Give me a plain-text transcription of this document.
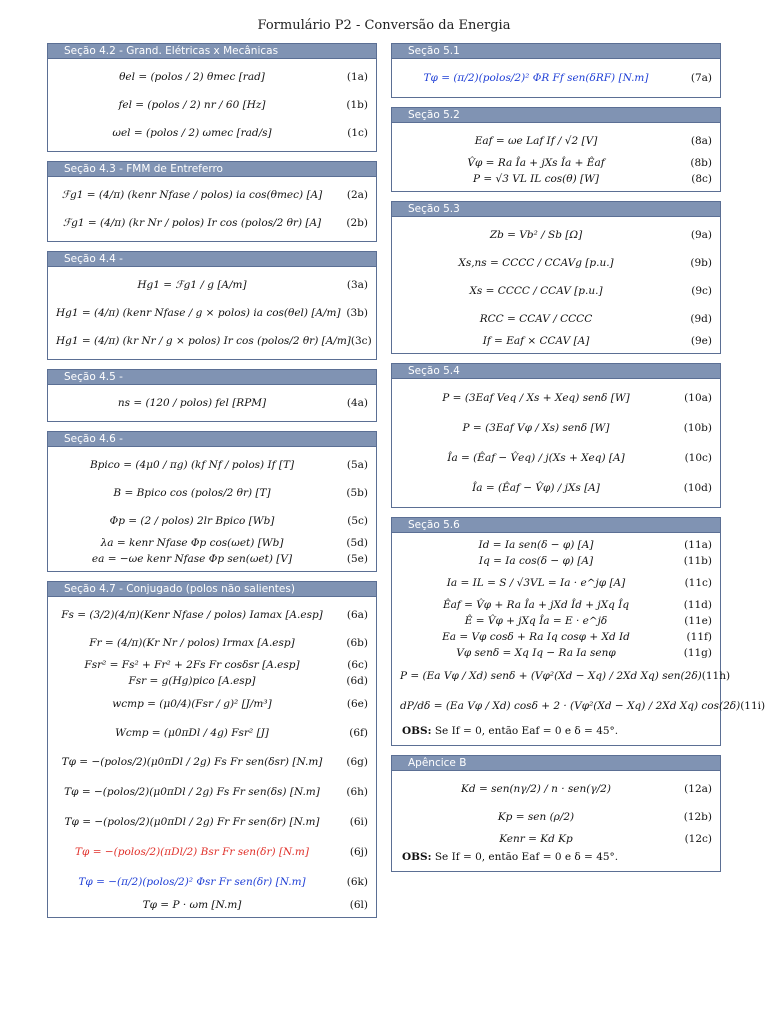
Formulário P2 - Conversão da Energia
Seção 4.2 - Grand. Elétricas x Mecânicas
θel = (polos / 2) θmec [rad]	(1a)
fel = (polos / 2) nr / 60 [Hz]	(1b)
ωel = (polos / 2) ωmec [rad/s]	(1c)
Seção 4.3 - FMM de Entreferro
ℱg1 = (4/π) (kenr Nfase / polos) ia cos(θmec) [A]	(2a)
ℱg1 = (4/π) (kr Nr / polos) Ir cos (polos/2 θr) [A]	(2b)
Seção 4.4 -
Hg1 = ℱg1 / g [A/m]	(3a)
Hg1 = (4/π) (kenr Nfase / g × polos) ia cos(θel) [A/m] (3b)
Hg1 = (4/π) (kr Nr / g × polos) Ir cos (polos/2 θr) [A/m] (3c)
Seção 4.5 -
ns = (120 / polos) fel [RPM]	(4a)
Seção 4.6 -
Bpico = (4μ0 / πg) (kf Nf / polos) If [T]	(5a)
B = Bpico cos (polos/2 θr) [T]	(5b)
Φp = (2 / polos) 2lr Bpico [Wb]	(5c)
λa = kenr Nfase Φp cos(ωet) [Wb]	(5d)
ea = −ωe kenr Nfase Φp sen(ωet) [V]	(5e)
Seção 4.7 - Conjugado (polos não salientes)
Fs = (3/2)(4/π)(Kenr Nfase / polos) Iamax [A.esp]	(6a)
Fr = (4/π)(Kr Nr / polos) Irmax [A.esp]	(6b)
Fsr² = Fs² + Fr² + 2Fs Fr cosδsr [A.esp]	(6c)
Fsr = g(Hg)pico [A.esp]	(6d)
wcmp = (μ0/4)(Fsr / g)² [J/m³]	(6e)
Wcmp = (μ0πDl / 4g) Fsr² [J]	(6f)
Tφ = −(polos/2)(μ0πDl / 2g) Fs Fr sen(δsr) [N.m]	(6g)
Tφ = −(polos/2)(μ0πDl / 2g) Fs Fr sen(δs) [N.m]	(6h)
Tφ = −(polos/2)(μ0πDl / 2g) Fr Fr sen(δr) [N.m]	(6i)
Tφ = −(polos/2)(πDl/2) Bsr Fr sen(δr) [N.m]	(6j)
Tφ = −(π/2)(polos/2)² Φsr Fr sen(δr) [N.m]	(6k)
Tφ = P · ωm [N.m]	(6l)
Seção 5.1
Tφ = (π/2)(polos/2)² ΦR Ff sen(δRF) [N.m]	(7a)
Seção 5.2
Eaf = ωe Laf If / √2 [V]	(8a)
V̂φ = Ra Îa + jXs Îa + Êaf	(8b)
P = √3 VL IL cos(θ) [W]	(8c)
Seção 5.3
Zb = Vb² / Sb [Ω]	(9a)
Xs,ns = CCCC / CCAVg [p.u.]	(9b)
Xs = CCCC / CCAV [p.u.]	(9c)
RCC = CCAV / CCCC	(9d)
If = Eaf × CCAV [A]	(9e)
Seção 5.4
P = (3Eaf Veq / Xs + Xeq) senδ [W]	(10a)
P = (3Eaf Vφ / Xs) senδ [W]	(10b)
Îa = (Êaf − V̂eq) / j(Xs + Xeq) [A]	(10c)
Îa = (Êaf − V̂φ) / jXs [A]	(10d)
Seção 5.6
Id = Ia sen(δ − φ) [A]	(11a)
Iq = Ia cos(δ − φ) [A]	(11b)
Ia = IL = S / √3VL = Ia · e^jφ [A]	(11c)
Êaf = V̂φ + Ra Îa + jXd Îd + jXq Îq	(11d)
Ê = V̂φ + jXq Îa = E · e^jδ	(11e)
Ea = Vφ cosδ + Ra Iq cosφ + Xd Id	(11f)
Vφ senδ = Xq Iq − Ra Ia senφ	(11g)
P = (Ea Vφ / Xd) senδ + (Vφ²(Xd − Xq) / 2Xd Xq) sen(2δ) (11h)
dP/dδ = (Ea Vφ / Xd) cosδ + 2 · (Vφ²(Xd − Xq) / 2Xd Xq) cos(2δ) (11i)
OBS: Se If = 0, então Eaf = 0 e δ = 45°.
Apêncice B
Kd = sen(nγ/2) / n · sen(γ/2)	(12a)
Kp = sen (ρ/2)	(12b)
Kenr = Kd Kp	(12c)
OBS: Se If = 0, então Eaf = 0 e δ = 45°.
